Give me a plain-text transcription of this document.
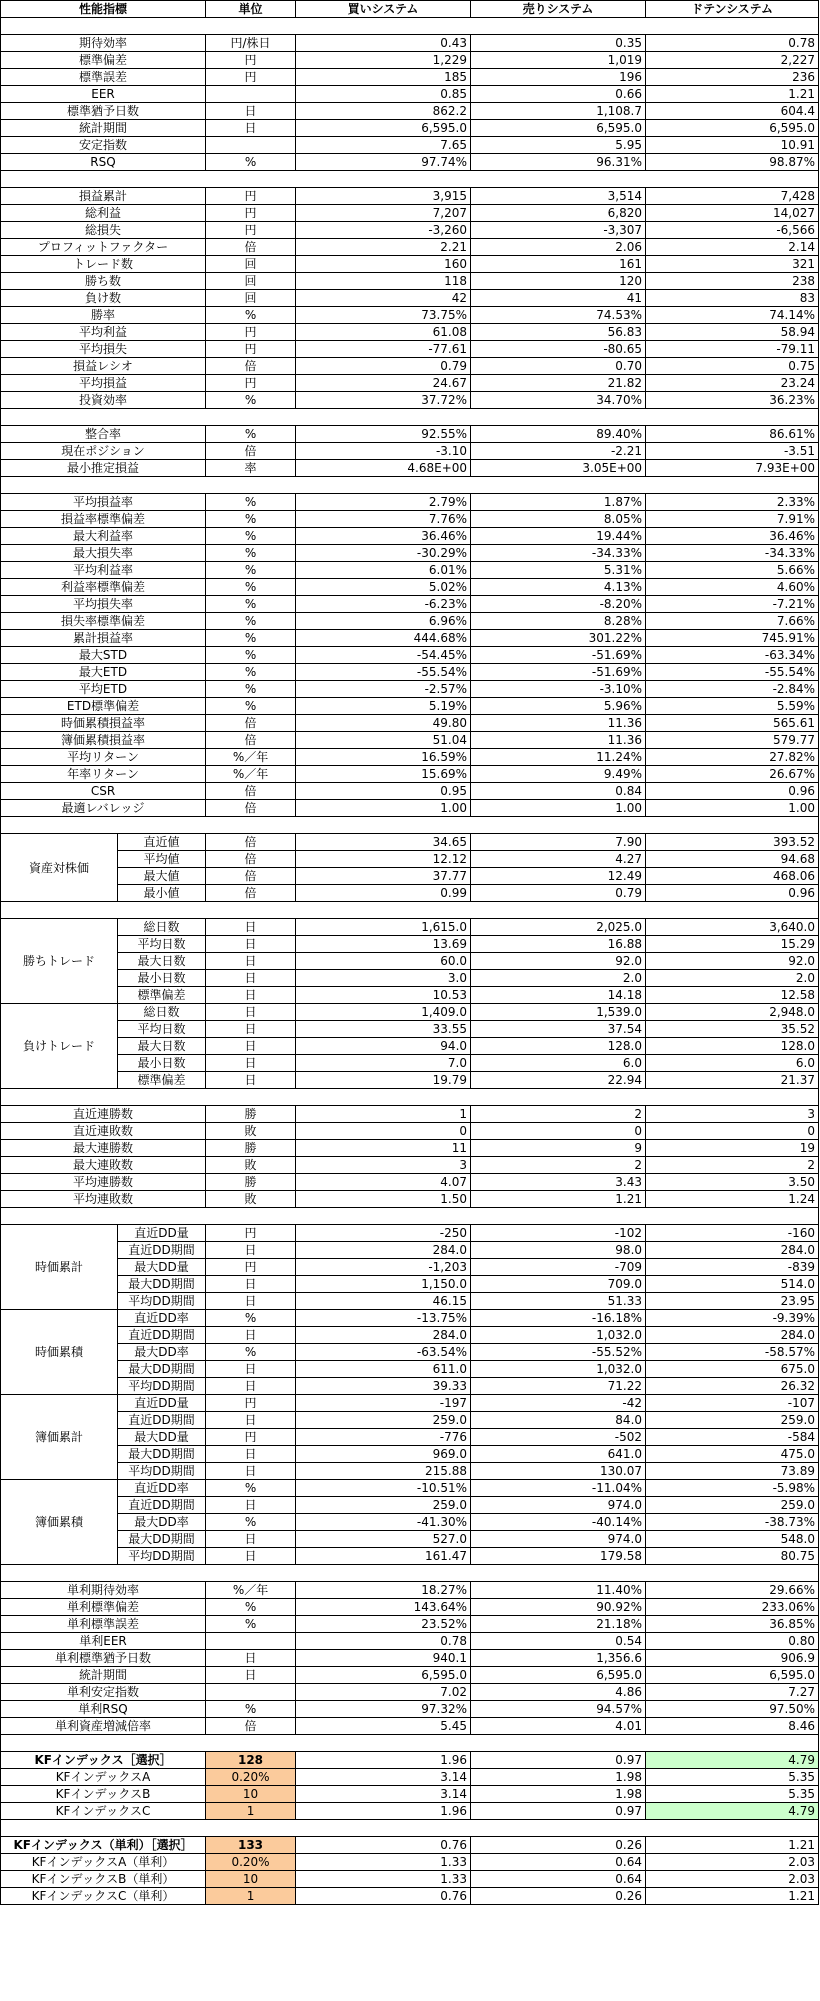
性能指標		単位	買いシステム	売りシステム	ドテンシステム

期待効率		円/株日	0.43	0.35	0.78
標準偏差		円	1,229	1,019	2,227
標準誤差		円	185	196	236
EER			0.85	0.66	1.21
標準猶予日数		日	862.2	1,108.7	604.4
統計期間		日	6,595.0	6,595.0	6,595.0
安定指数			7.65	5.95	10.91
RSQ		%	97.74%	96.31%	98.87%

損益累計		円	3,915	3,514	7,428
総利益		円	7,207	6,820	14,027
総損失		円	-3,260	-3,307	-6,566
プロフィットファクター		倍	2.21	2.06	2.14
トレード数		回	160	161	321
勝ち数		回	118	120	238
負け数		回	42	41	83
勝率		%	73.75%	74.53%	74.14%
平均利益		円	61.08	56.83	58.94
平均損失		円	-77.61	-80.65	-79.11
損益レシオ		倍	0.79	0.70	0.75
平均損益		円	24.67	21.82	23.24
投資効率		%	37.72%	34.70%	36.23%

整合率		%	92.55%	89.40%	86.61%
現在ポジション		倍	-3.10	-2.21	-3.51
最小推定損益		率	4.68E+00	3.05E+00	7.93E+00

平均損益率		%	2.79%	1.87%	2.33%
損益率標準偏差		%	7.76%	8.05%	7.91%
最大利益率		%	36.46%	19.44%	36.46%
最大損失率		%	-30.29%	-34.33%	-34.33%
平均利益率		%	6.01%	5.31%	5.66%
利益率標準偏差		%	5.02%	4.13%	4.60%
平均損失率		%	-6.23%	-8.20%	-7.21%
損失率標準偏差		%	6.96%	8.28%	7.66%
累計損益率		%	444.68%	301.22%	745.91%
最大STD		%	-54.45%	-51.69%	-63.34%
最大ETD		%	-55.54%	-51.69%	-55.54%
平均ETD		%	-2.57%	-3.10%	-2.84%
ETD標準偏差		%	5.19%	5.96%	5.59%
時価累積損益率		倍	49.80	11.36	565.61
簿価累積損益率		倍	51.04	11.36	579.77
平均リターン		%／年	16.59%	11.24%	27.82%
年率リターン		%／年	15.69%	9.49%	26.67%
CSR		倍	0.95	0.84	0.96
最適レバレッジ		倍	1.00	1.00	1.00

資産対株価	直近値	倍	34.65	7.90	393.52
	平均値	倍	12.12	4.27	94.68
	最大値	倍	37.77	12.49	468.06
	最小値	倍	0.99	0.79	0.96

勝ちトレード	総日数	日	1,615.0	2,025.0	3,640.0
	平均日数	日	13.69	16.88	15.29
	最大日数	日	60.0	92.0	92.0
	最小日数	日	3.0	2.0	2.0
	標準偏差	日	10.53	14.18	12.58
負けトレード	総日数	日	1,409.0	1,539.0	2,948.0
	平均日数	日	33.55	37.54	35.52
	最大日数	日	94.0	128.0	128.0
	最小日数	日	7.0	6.0	6.0
	標準偏差	日	19.79	22.94	21.37

直近連勝数		勝	1	2	3
直近連敗数		敗	0	0	0
最大連勝数		勝	11	9	19
最大連敗数		敗	3	2	2
平均連勝数		勝	4.07	3.43	3.50
平均連敗数		敗	1.50	1.21	1.24

時価累計	直近DD量	円	-250	-102	-160
	直近DD期間	日	284.0	98.0	284.0
	最大DD量	円	-1,203	-709	-839
	最大DD期間	日	1,150.0	709.0	514.0
	平均DD期間	日	46.15	51.33	23.95
時価累積	直近DD率	%	-13.75%	-16.18%	-9.39%
	直近DD期間	日	284.0	1,032.0	284.0
	最大DD率	%	-63.54%	-55.52%	-58.57%
	最大DD期間	日	611.0	1,032.0	675.0
	平均DD期間	日	39.33	71.22	26.32
簿価累計	直近DD量	円	-197	-42	-107
	直近DD期間	日	259.0	84.0	259.0
	最大DD量	円	-776	-502	-584
	最大DD期間	日	969.0	641.0	475.0
	平均DD期間	日	215.88	130.07	73.89
簿価累積	直近DD率	%	-10.51%	-11.04%	-5.98%
	直近DD期間	日	259.0	974.0	259.0
	最大DD率	%	-41.30%	-40.14%	-38.73%
	最大DD期間	日	527.0	974.0	548.0
	平均DD期間	日	161.47	179.58	80.75

単利期待効率		%／年	18.27%	11.40%	29.66%
単利標準偏差		%	143.64%	90.92%	233.06%
単利標準誤差		%	23.52%	21.18%	36.85%
単利EER			0.78	0.54	0.80
単利標準猶予日数		日	940.1	1,356.6	906.9
統計期間		日	6,595.0	6,595.0	6,595.0
単利安定指数			7.02	4.86	7.27
単利RSQ		%	97.32%	94.57%	97.50%
単利資産増減倍率		倍	5.45	4.01	8.46

KFインデックス［選択］		128	1.96	0.97	4.79
KFインデックスA		0.20%	3.14	1.98	5.35
KFインデックスB		10	3.14	1.98	5.35
KFインデックスC		1	1.96	0.97	4.79

KFインデックス（単利）［選択］		133	0.76	0.26	1.21
KFインデックスA（単利）		0.20%	1.33	0.64	2.03
KFインデックスB（単利）		10	1.33	0.64	2.03
KFインデックスC（単利）		1	0.76	0.26	1.21
